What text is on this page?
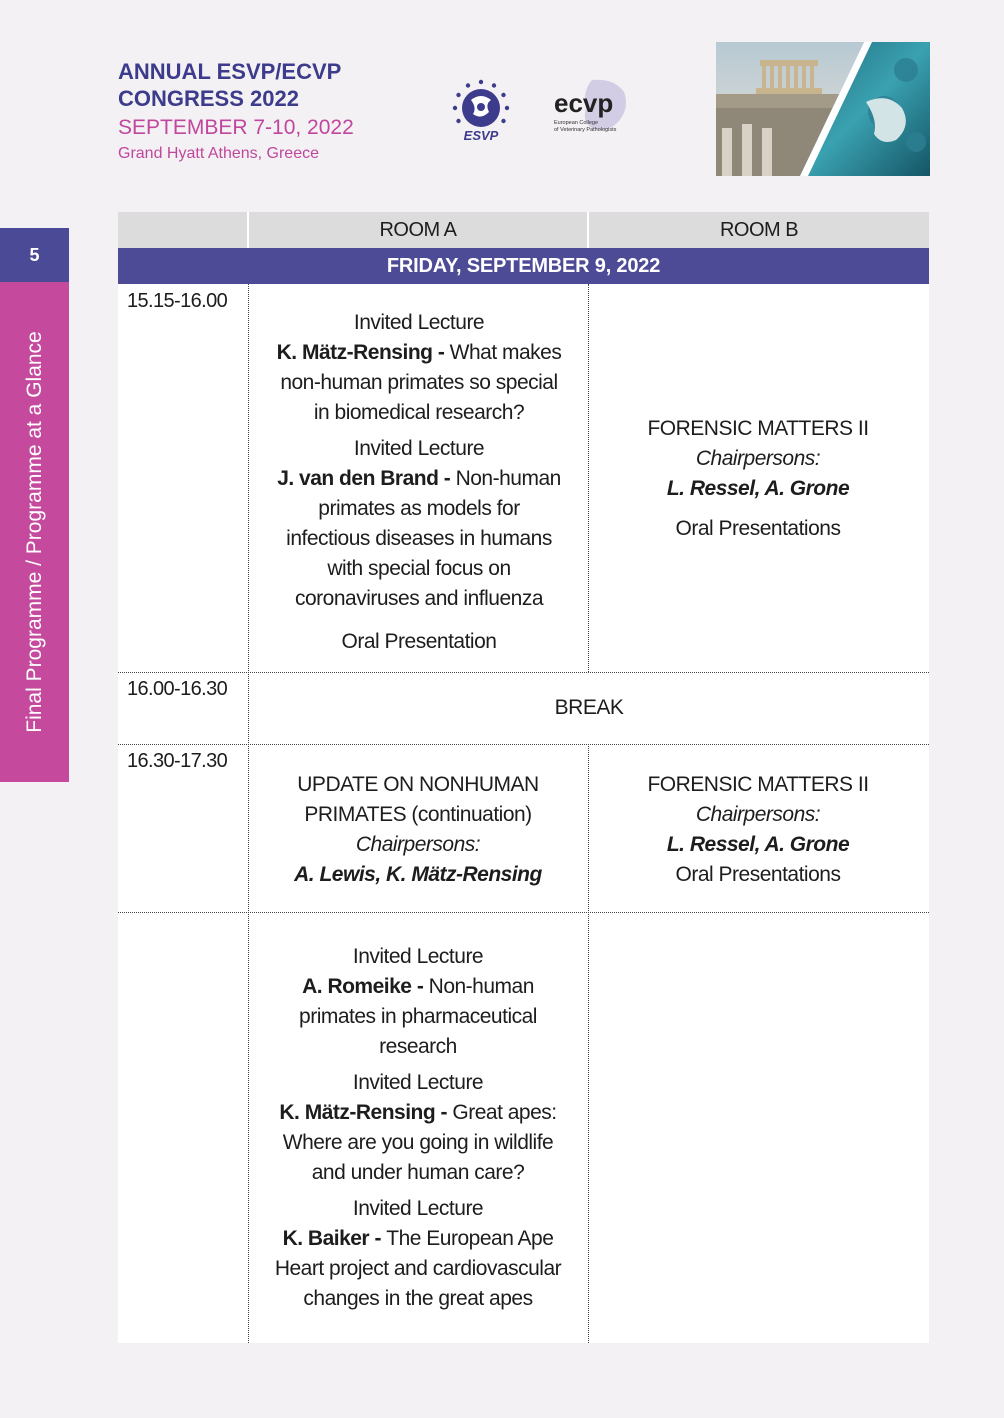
ANNUAL ESVP/ECVP
CONGRESS 2022
SEPTEMBER 7-10, 2022
Grand Hyatt Athens, Greece
ESVP
ecvp
European College
of Veterinary Pathologists
5
Final Programme / Programme at a Glance
ROOM A	ROOM B
FRIDAY, SEPTEMBER 9, 2022
15.15-16.00
Invited Lecture
K. Mätz-Rensing - What makes non-human primates so special in biomedical research?
Invited Lecture
J. van den Brand - Non-human primates as models for infectious diseases in humans with special focus on coronaviruses and influenza
Oral Presentation
FORENSIC MATTERS II
Chairpersons:
L. Ressel, A. Grone
Oral Presentations
16.00-16.30
BREAK
16.30-17.30
UPDATE ON NONHUMAN
PRIMATES (continuation)
Chairpersons:
A. Lewis, K. Mätz-Rensing
FORENSIC MATTERS II
Chairpersons:
L. Ressel, A. Grone
Oral Presentations
Invited Lecture
A. Romeike - Non-human primates in pharmaceutical research
Invited Lecture
K. Mätz-Rensing - Great apes: Where are you going in wildlife and under human care?
Invited Lecture
K. Baiker - The European Ape Heart project and cardiovascular changes in the great apes
